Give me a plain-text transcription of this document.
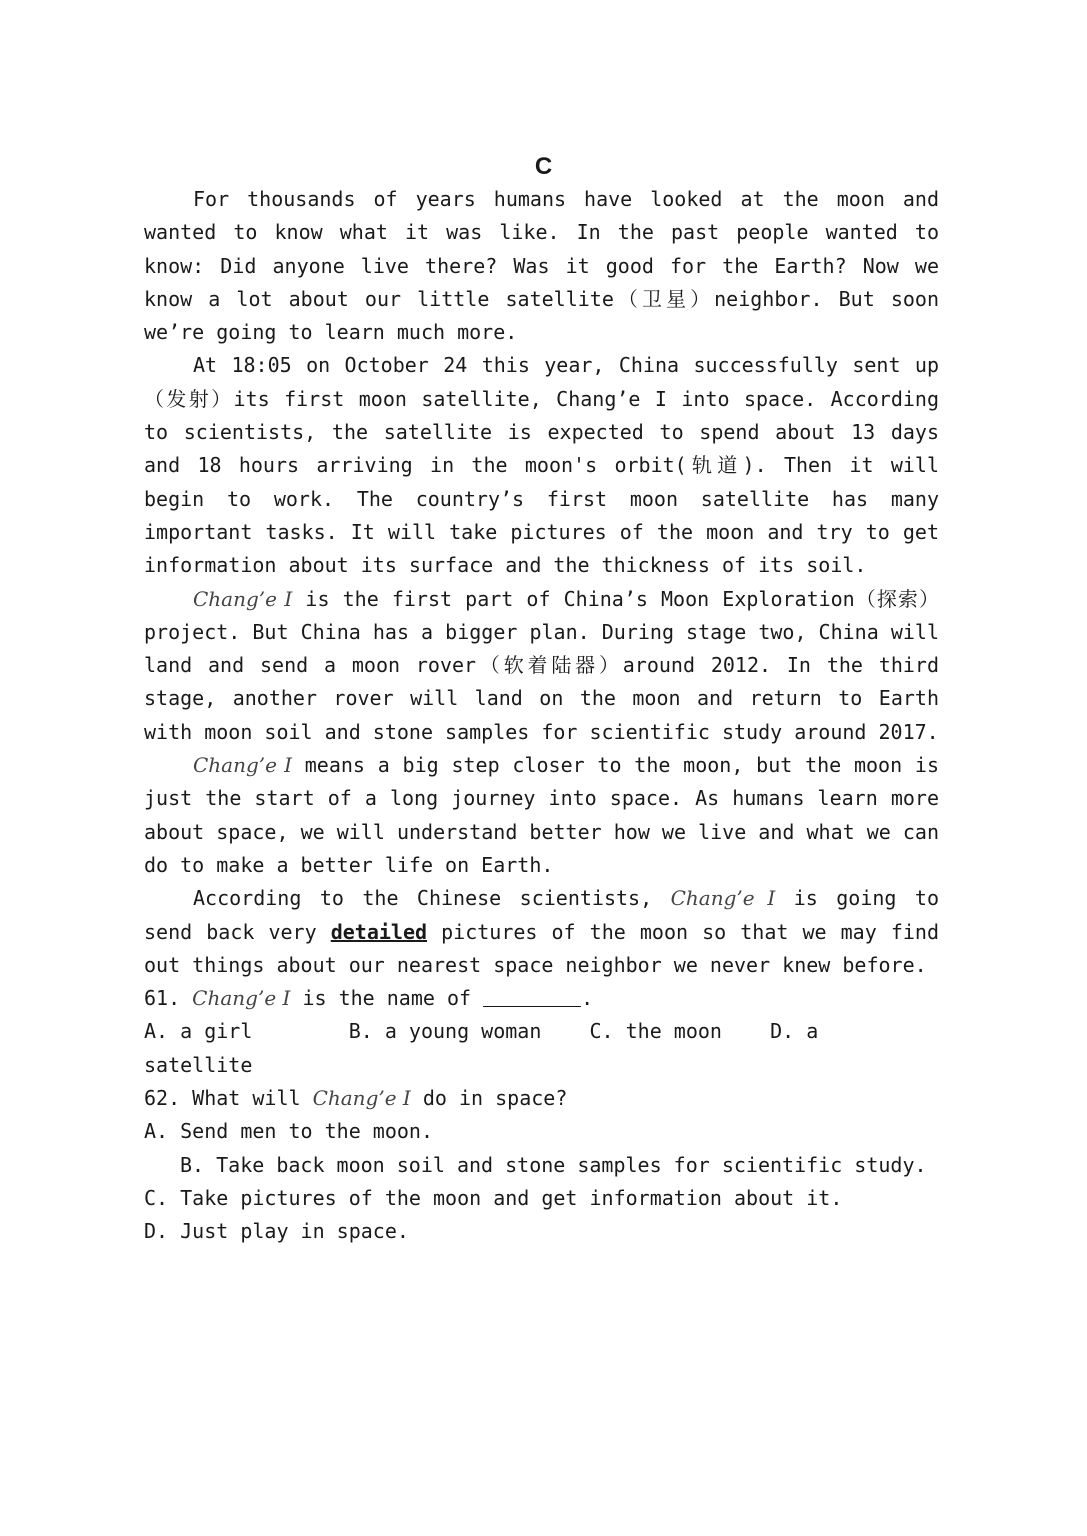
C

For thousands of years humans have looked at the moon and wanted to know what it was like. In the past people wanted to know: Did anyone live there? Was it good for the Earth? Now we know a lot about our little satellite（卫星）neighbor. But soon we’re going to learn much more.

At 18:05 on October 24 this year, China successfully sent up（发射）its first moon satellite, Chang’e I into space. According to scientists, the satellite is expected to spend about 13 days and 18 hours arriving in the moon's orbit(轨道). Then it will begin to work. The country’s first moon satellite has many important tasks. It will take pictures of the moon and try to get information about its surface and the thickness of its soil.

Chang’e I is the first part of China’s Moon Exploration（探索）project. But China has a bigger plan. During stage two, China will land and send a moon rover（软着陆器）around 2012. In the third stage, another rover will land on the moon and return to Earth with moon soil and stone samples for scientific study around 2017.

Chang’e I means a big step closer to the moon, but the moon is just the start of a long journey into space. As humans learn more about space, we will understand better how we live and what we can do to make a better life on Earth.

According to the Chinese scientists, Chang’e I is going to send back very detailed pictures of the moon so that we may find out things about our nearest space neighbor we never knew before.

61. Chang’e I is the name of	.

A. a girl        B. a young woman    C. the moon    D. a

satellite

62. What will Chang’e I do in space?

A. Send men to the moon.

B. Take back moon soil and stone samples for scientific study.

C. Take pictures of the moon and get information about it.

D. Just play in space.
